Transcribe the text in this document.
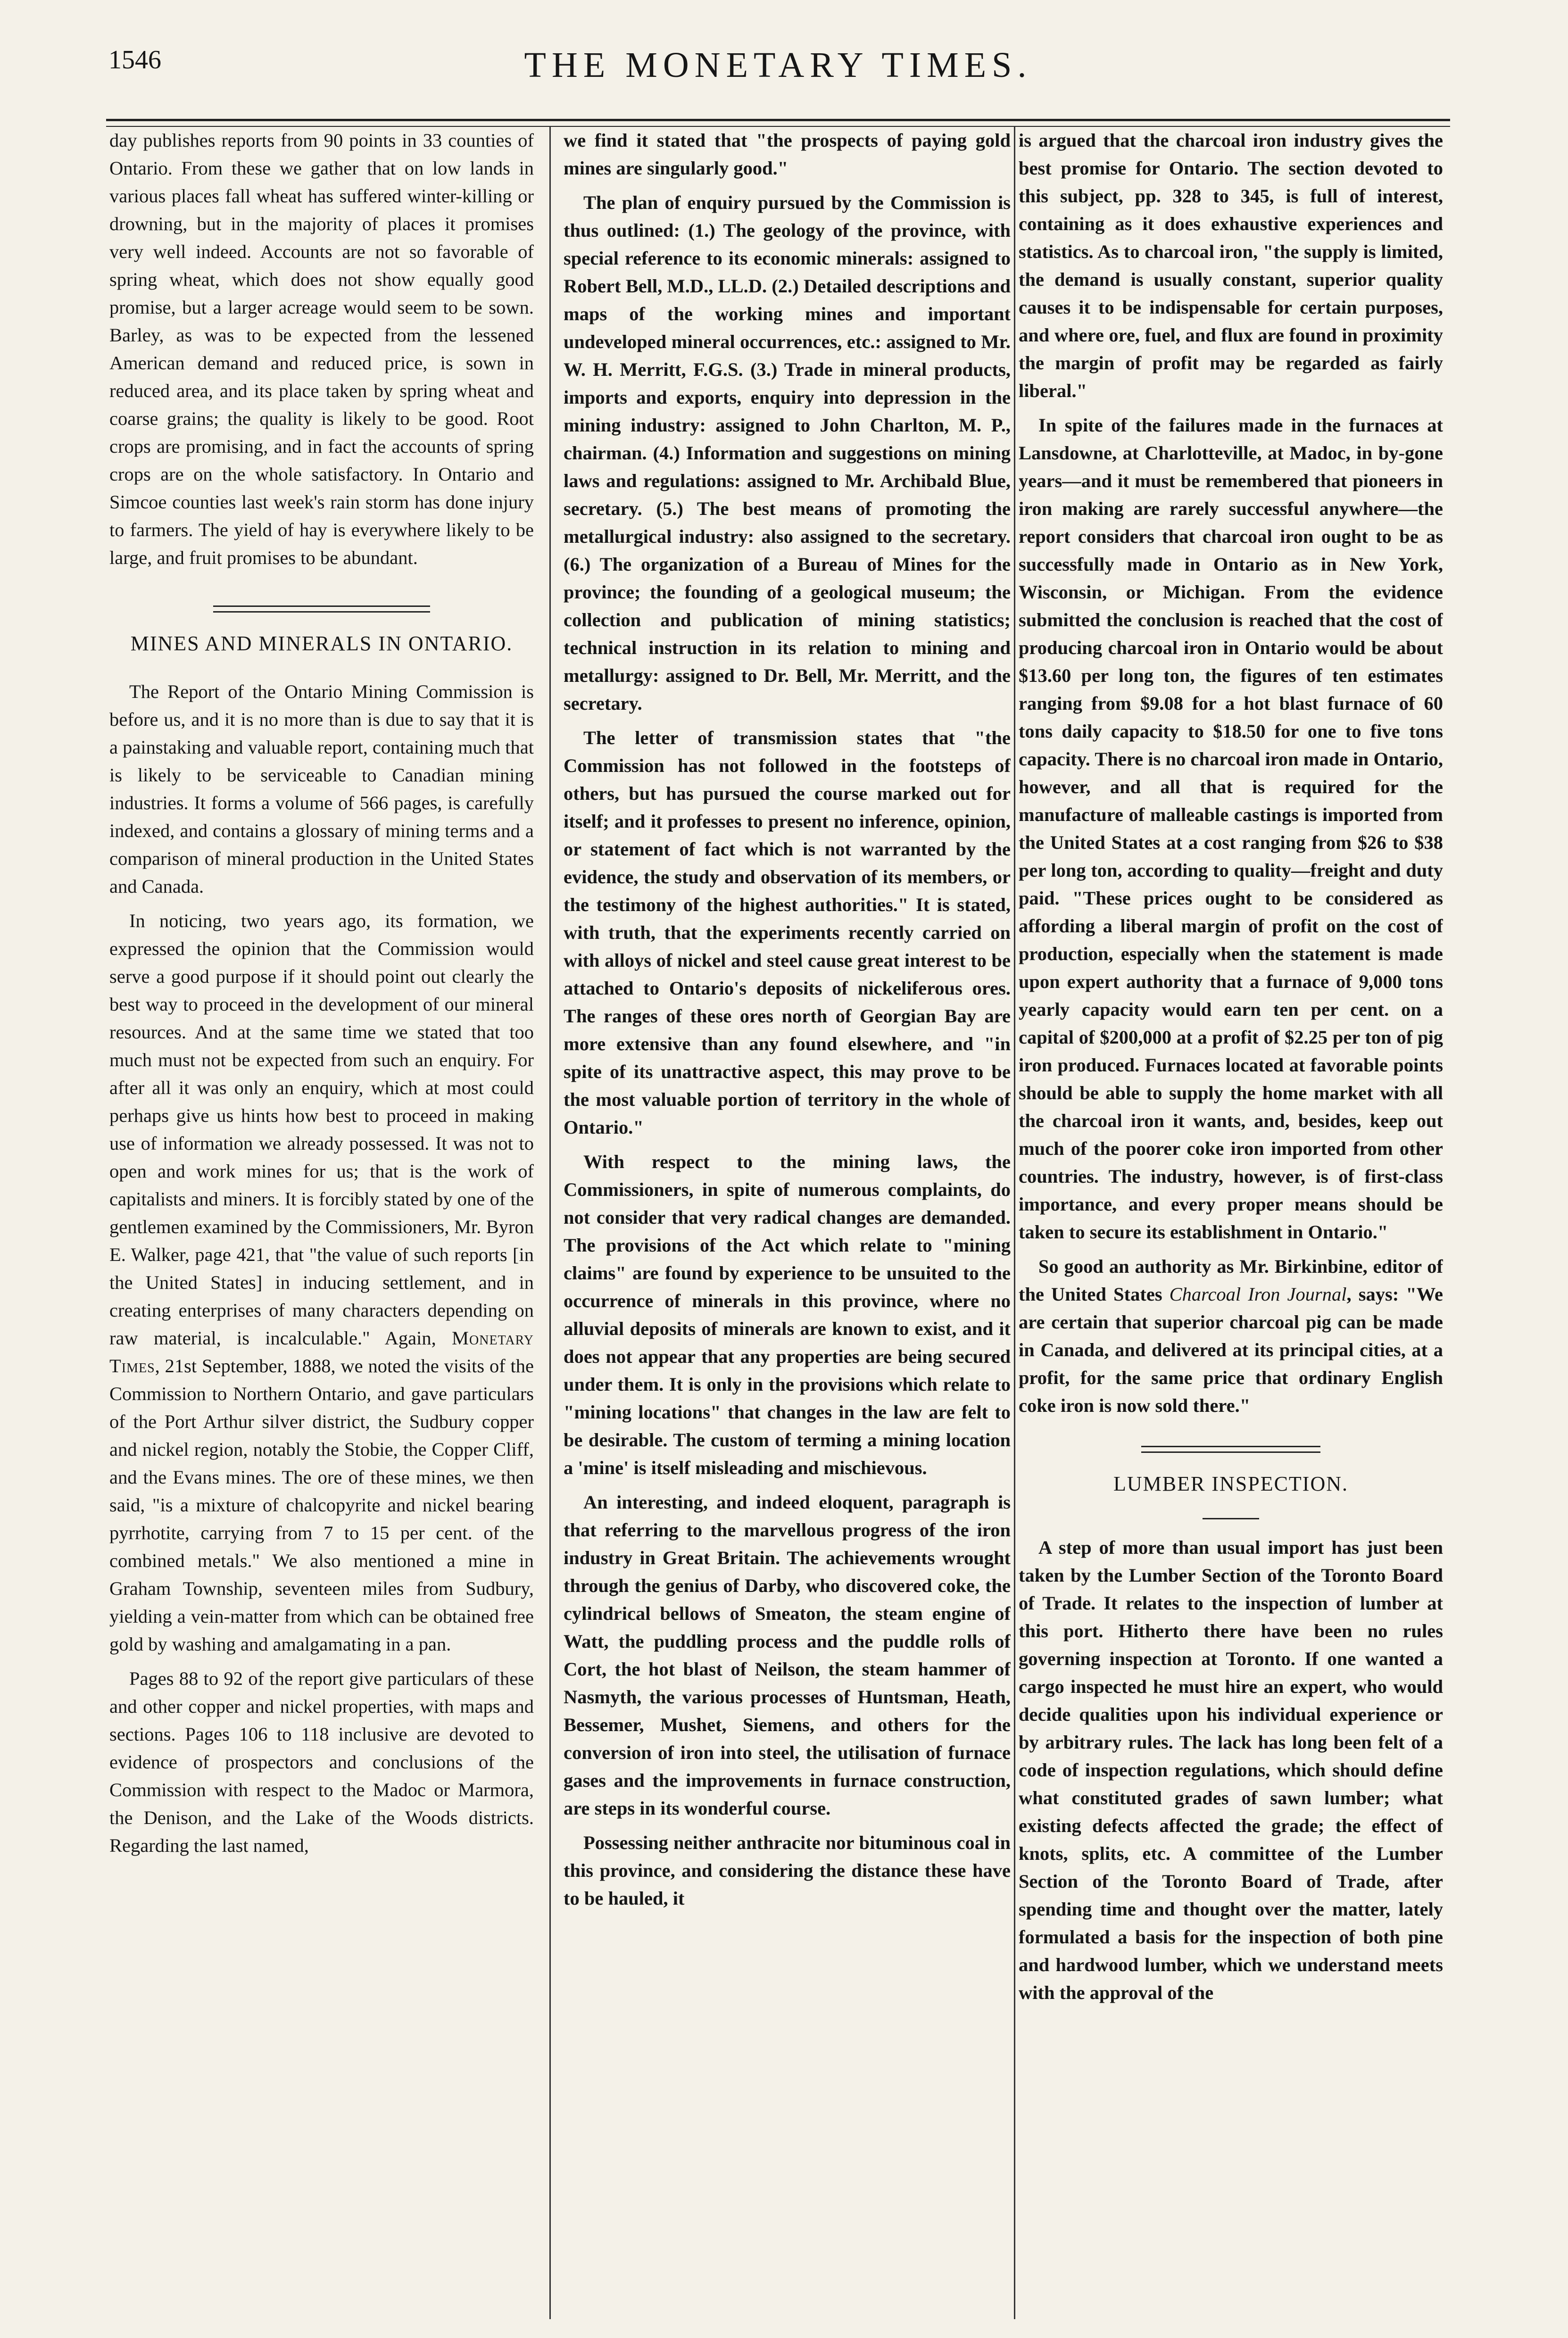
1546	THE MONETARY TIMES.

day publishes reports from 90 points in 33 counties of Ontario. From these we gather that on low lands in various places fall wheat has suffered winter-killing or drowning, but in the majority of places it promises very well indeed. Accounts are not so favorable of spring wheat, which does not show equally good promise, but a larger acreage would seem to be sown. Barley, as was to be expected from the lessened American demand and reduced price, is sown in reduced area, and its place taken by spring wheat and coarse grains; the quality is likely to be good. Root crops are promising, and in fact the accounts of spring crops are on the whole satisfactory. In Ontario and Simcoe counties last week's rain storm has done injury to farmers. The yield of hay is everywhere likely to be large, and fruit promises to be abundant.

MINES AND MINERALS IN ONTARIO.

The Report of the Ontario Mining Commission is before us, and it is no more than is due to say that it is a painstaking and valuable report, containing much that is likely to be serviceable to Canadian mining industries. It forms a volume of 566 pages, is carefully indexed, and contains a glossary of mining terms and a comparison of mineral production in the United States and Canada.

In noticing, two years ago, its formation, we expressed the opinion that the Commission would serve a good purpose if it should point out clearly the best way to proceed in the development of our mineral resources. And at the same time we stated that too much must not be expected from such an enquiry. For after all it was only an enquiry, which at most could perhaps give us hints how best to proceed in making use of information we already possessed. It was not to open and work mines for us; that is the work of capitalists and miners. It is forcibly stated by one of the gentlemen examined by the Commissioners, Mr. Byron E. Walker, page 421, that "the value of such reports [in the United States] in inducing settlement, and in creating enterprises of many characters depending on raw material, is incalculable." Again, Monetary Times, 21st September, 1888, we noted the visits of the Commission to Northern Ontario, and gave particulars of the Port Arthur silver district, the Sudbury copper and nickel region, notably the Stobie, the Copper Cliff, and the Evans mines. The ore of these mines, we then said, "is a mixture of chalcopyrite and nickel bearing pyrrhotite, carrying from 7 to 15 per cent. of the combined metals." We also mentioned a mine in Graham Township, seventeen miles from Sudbury, yielding a vein-matter from which can be obtained free gold by washing and amalgamating in a pan.

Pages 88 to 92 of the report give particulars of these and other copper and nickel properties, with maps and sections. Pages 106 to 118 inclusive are devoted to evidence of prospectors and conclusions of the Commission with respect to the Madoc or Marmora, the Denison, and the Lake of the Woods districts. Regarding the last named,

we find it stated that "the prospects of paying gold mines are singularly good."

The plan of enquiry pursued by the Commission is thus outlined: (1.) The geology of the province, with special reference to its economic minerals: assigned to Robert Bell, M.D., LL.D. (2.) Detailed descriptions and maps of the working mines and important undeveloped mineral occurrences, etc.: assigned to Mr. W. H. Merritt, F.G.S. (3.) Trade in mineral products, imports and exports, enquiry into depression in the mining industry: assigned to John Charlton, M. P., chairman. (4.) Information and suggestions on mining laws and regulations: assigned to Mr. Archibald Blue, secretary. (5.) The best means of promoting the metallurgical industry: also assigned to the secretary. (6.) The organization of a Bureau of Mines for the province; the founding of a geological museum; the collection and publication of mining statistics; technical instruction in its relation to mining and metallurgy: assigned to Dr. Bell, Mr. Merritt, and the secretary.

The letter of transmission states that "the Commission has not followed in the footsteps of others, but has pursued the course marked out for itself; and it professes to present no inference, opinion, or statement of fact which is not warranted by the evidence, the study and observation of its members, or the testimony of the highest authorities." It is stated, with truth, that the experiments recently carried on with alloys of nickel and steel cause great interest to be attached to Ontario's deposits of nickeliferous ores. The ranges of these ores north of Georgian Bay are more extensive than any found elsewhere, and "in spite of its unattractive aspect, this may prove to be the most valuable portion of territory in the whole of Ontario."

With respect to the mining laws, the Commissioners, in spite of numerous complaints, do not consider that very radical changes are demanded. The provisions of the Act which relate to "mining claims" are found by experience to be unsuited to the occurrence of minerals in this province, where no alluvial deposits of minerals are known to exist, and it does not appear that any properties are being secured under them. It is only in the provisions which relate to "mining locations" that changes in the law are felt to be desirable. The custom of terming a mining location a 'mine' is itself misleading and mischievous.

An interesting, and indeed eloquent, paragraph is that referring to the marvellous progress of the iron industry in Great Britain. The achievements wrought through the genius of Darby, who discovered coke, the cylindrical bellows of Smeaton, the steam engine of Watt, the puddling process and the puddle rolls of Cort, the hot blast of Neilson, the steam hammer of Nasmyth, the various processes of Huntsman, Heath, Bessemer, Mushet, Siemens, and others for the conversion of iron into steel, the utilisation of furnace gases and the improvements in furnace construction, are steps in its wonderful course.

Possessing neither anthracite nor bituminous coal in this province, and considering the distance these have to be hauled, it

is argued that the charcoal iron industry gives the best promise for Ontario. The section devoted to this subject, pp. 328 to 345, is full of interest, containing as it does exhaustive experiences and statistics. As to charcoal iron, "the supply is limited, the demand is usually constant, superior quality causes it to be indispensable for certain purposes, and where ore, fuel, and flux are found in proximity the margin of profit may be regarded as fairly liberal."

In spite of the failures made in the furnaces at Lansdowne, at Charlotteville, at Madoc, in by-gone years—and it must be remembered that pioneers in iron making are rarely successful anywhere—the report considers that charcoal iron ought to be as successfully made in Ontario as in New York, Wisconsin, or Michigan. From the evidence submitted the conclusion is reached that the cost of producing charcoal iron in Ontario would be about $13.60 per long ton, the figures of ten estimates ranging from $9.08 for a hot blast furnace of 60 tons daily capacity to $18.50 for one to five tons capacity. There is no charcoal iron made in Ontario, however, and all that is required for the manufacture of malleable castings is imported from the United States at a cost ranging from $26 to $38 per long ton, according to quality—freight and duty paid. "These prices ought to be considered as affording a liberal margin of profit on the cost of production, especially when the statement is made upon expert authority that a furnace of 9,000 tons yearly capacity would earn ten per cent. on a capital of $200,000 at a profit of $2.25 per ton of pig iron produced. Furnaces located at favorable points should be able to supply the home market with all the charcoal iron it wants, and, besides, keep out much of the poorer coke iron imported from other countries. The industry, however, is of first-class importance, and every proper means should be taken to secure its establishment in Ontario."

So good an authority as Mr. Birkinbine, editor of the United States Charcoal Iron Journal, says: "We are certain that superior charcoal pig can be made in Canada, and delivered at its principal cities, at a profit, for the same price that ordinary English coke iron is now sold there."

LUMBER INSPECTION.

A step of more than usual import has just been taken by the Lumber Section of the Toronto Board of Trade. It relates to the inspection of lumber at this port. Hitherto there have been no rules governing inspection at Toronto. If one wanted a cargo inspected he must hire an expert, who would decide qualities upon his individual experience or by arbitrary rules. The lack has long been felt of a code of inspection regulations, which should define what constituted grades of sawn lumber; what existing defects affected the grade; the effect of knots, splits, etc. A committee of the Lumber Section of the Toronto Board of Trade, after spending time and thought over the matter, lately formulated a basis for the inspection of both pine and hardwood lumber, which we understand meets with the approval of the
